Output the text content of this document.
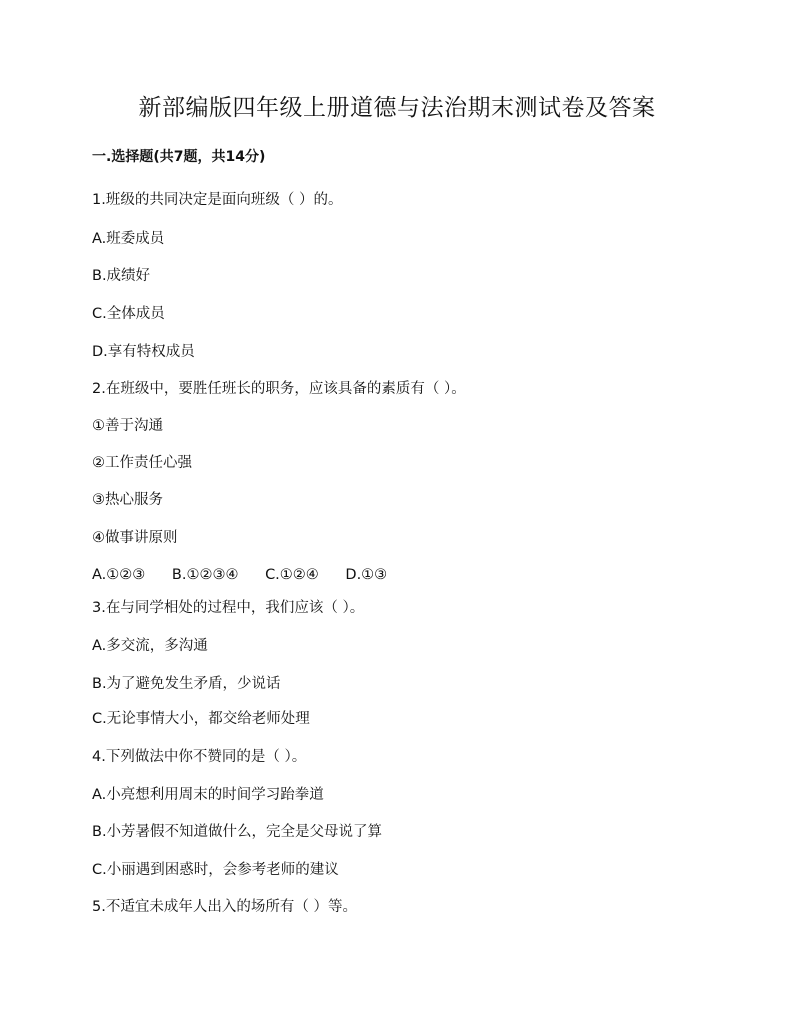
新部编版四年级上册道德与法治期末测试卷及答案
一.选择题(共7题，共14分)
1.班级的共同决定是面向班级（ ）的。
A.班委成员
B.成绩好
C.全体成员
D.享有特权成员
2.在班级中，要胜任班长的职务，应该具备的素质有（ ）。
①善于沟通
②工作责任心强
③热心服务
④做事讲原则
A.①②③ B.①②③④ C.①②④ D.①③
3.在与同学相处的过程中，我们应该（ ）。
A.多交流，多沟通
B.为了避免发生矛盾，少说话
C.无论事情大小，都交给老师处理
4.下列做法中你不赞同的是（ ）。
A.小亮想利用周末的时间学习跆拳道
B.小芳暑假不知道做什么，完全是父母说了算
C.小丽遇到困惑时，会参考老师的建议
5.不适宜未成年人出入的场所有（ ）等。
